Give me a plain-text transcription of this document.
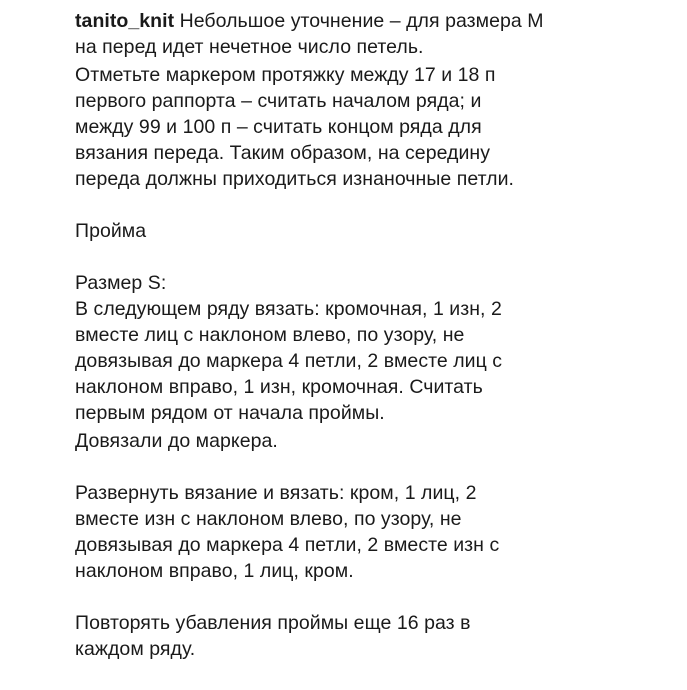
tanito_knit Небольшое уточнение – для размера М
на перед идет нечетное число петель.

Отметьте маркером протяжку между 17 и 18 п
первого раппорта – считать началом ряда; и
между 99 и 100 п – считать концом ряда для
вязания переда. Таким образом, на середину
переда должны приходиться изнаночные петли.

Пройма

Размер S:
В следующем ряду вязать: кромочная, 1 изн, 2
вместе лиц с наклоном влево, по узору, не
довязывая до маркера 4 петли, 2 вместе лиц с
наклоном вправо, 1 изн, кромочная. Считать
первым рядом от начала проймы.

Довязали до маркера.

Развернуть вязание и вязать: кром, 1 лиц, 2
вместе изн с наклоном влево, по узору, не
довязывая до маркера 4 петли, 2 вместе изн с
наклоном вправо, 1 лиц, кром.

Повторять убавления проймы еще 16 раз в
каждом ряду.
